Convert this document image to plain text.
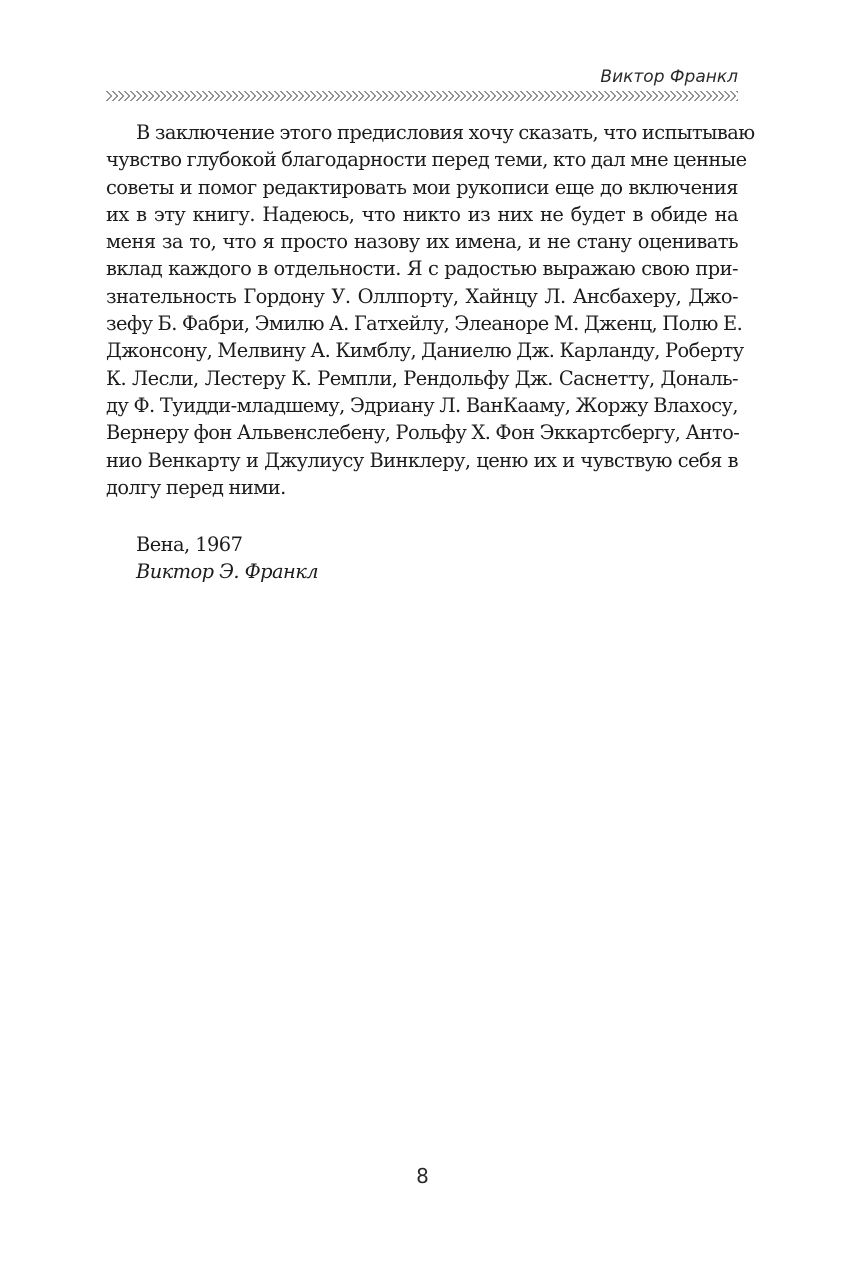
Виктор Франкл
В заключение этого предисловия хочу сказать, что испытываю
чувство глубокой благодарности перед теми, кто дал мне ценные
советы и помог редактировать мои рукописи еще до включения
их в эту книгу. Надеюсь, что никто из них не будет в обиде на
меня за то, что я просто назову их имена, и не стану оценивать
вклад каждого в отдельности. Я с радостью выражаю свою при-
знательность Гордону У. Оллпорту, Хайнцу Л. Ансбахеру, Джо-
зефу Б. Фабри, Эмилю А. Гатхейлу, Элеаноре М. Дженц, Полю Е.
Джонсону, Мелвину А. Кимблу, Даниелю Дж. Карланду, Роберту
К. Лесли, Лестеру К. Ремпли, Рендольфу Дж. Саснетту, Дональ-
ду Ф. Туидди-младшему, Эдриану Л. ВанКааму, Жоржу Влахосу,
Вернеру фон Альвенслебену, Рольфу Х. Фон Эккартсбергу, Анто-
нио Венкарту и Джулиусу Винклеру, ценю их и чувствую себя в
долгу перед ними.
Вена, 1967
Виктор Э. Франкл
8
